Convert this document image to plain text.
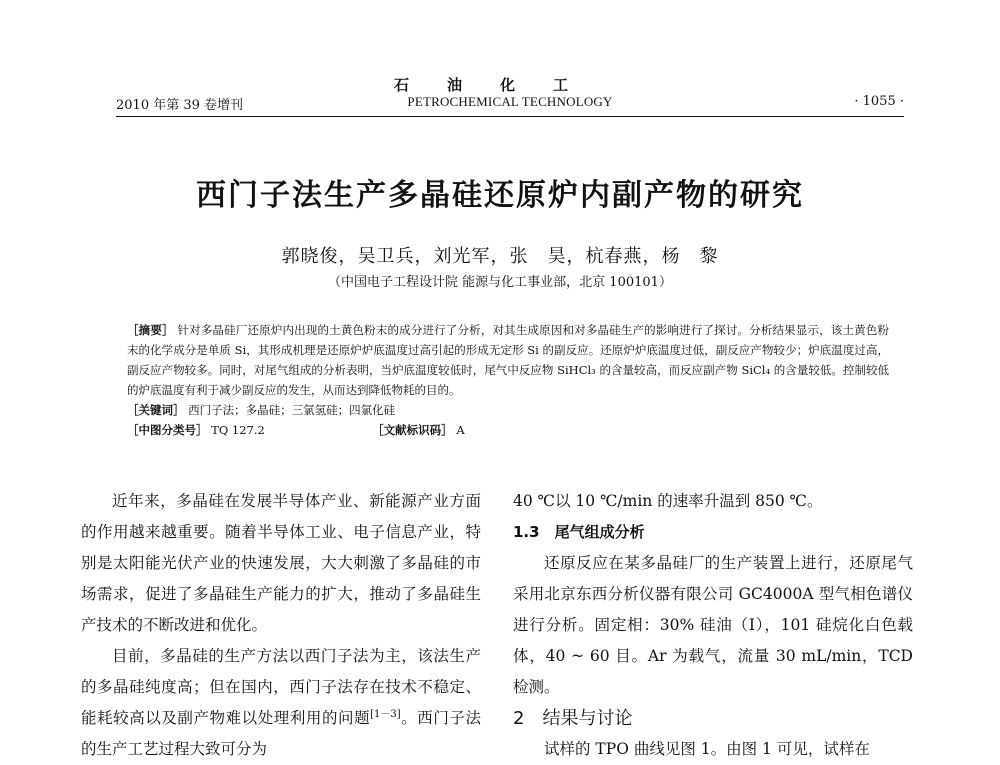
石油化工
2010 年第 39 卷增刊	PETROCHEMICAL TECHNOLOGY	· 1055 ·
西门子法生产多晶硅还原炉内副产物的研究
郭晓俊，吴卫兵，刘光军，张　昊，杭春燕，杨　黎
（中国电子工程设计院 能源与化工事业部，北京 100101）

［摘要］ 针对多晶硅厂还原炉内出现的土黄色粉末的成分进行了分析，对其生成原因和对多晶硅生产的影响进行了探讨。分析结果显示，该土黄色粉末的化学成分是单质 Si，其形成机理是还原炉炉底温度过高引起的形成无定形 Si 的副反应。还原炉炉底温度过低，副反应产物较少；炉底温度过高，副反应产物较多。同时，对尾气组成的分析表明，当炉底温度较低时，尾气中反应物 SiHCl₃ 的含量较高，而反应副产物 SiCl₄ 的含量较低。控制较低的炉底温度有利于减少副反应的发生，从而达到降低物耗的目的。

［关键词］ 西门子法；多晶硅；三氯氢硅；四氯化硅

［中图分类号］ TQ 127.2	［文献标识码］ A

近年来，多晶硅在发展半导体产业、新能源产业方面的作用越来越重要。随着半导体工业、电子信息产业，特别是太阳能光伏产业的快速发展，大大刺激了多晶硅的市场需求，促进了多晶硅生产能力的扩大，推动了多晶硅生产技术的不断改进和优化。

目前，多晶硅的生产方法以西门子法为主，该法生产的多晶硅纯度高；但在国内，西门子法存在技术不稳定、能耗较高以及副产物难以处理利用的问题[1－3]。西门子法的生产工艺过程大致可分为

40 ℃以 10 ℃/min 的速率升温到 850 ℃。

1.3　尾气组成分析

还原反应在某多晶硅厂的生产装置上进行，还原尾气采用北京东西分析仪器有限公司 GC4000A 型气相色谱仪进行分析。固定相：30% 硅油（Ⅰ），101 硅烷化白色载体，40 ~ 60 目。Ar 为载气，流量 30 mL/min，TCD 检测。

2　结果与讨论

试样的 TPO 曲线见图 1。由图 1 可见，试样在
